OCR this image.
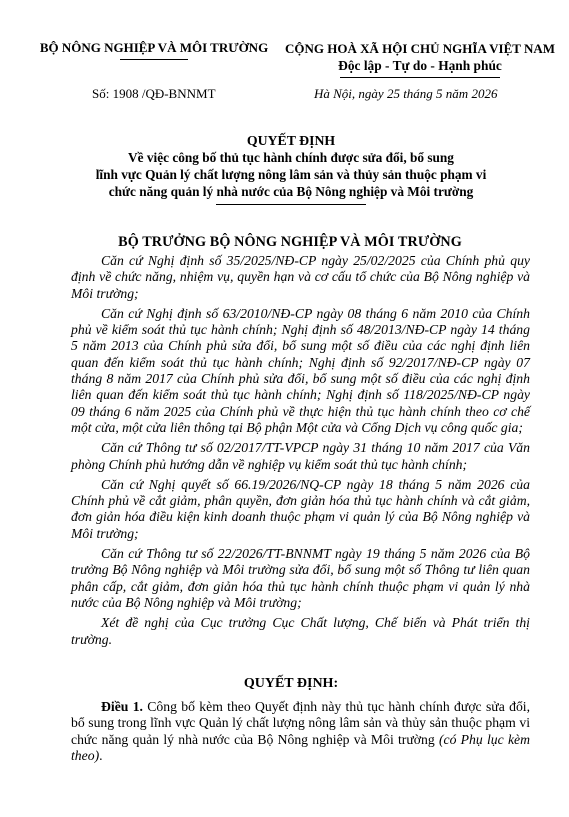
BỘ NÔNG NGHIỆP VÀ MÔI TRƯỜNG CỘNG HOÀ XÃ HỘI CHỦ NGHĨA VIỆT NAM
Độc lập - Tự do - Hạnh phúc
Số: 1908 /QĐ-BNNMT	Hà Nội, ngày 25 tháng 5 năm 2026
QUYẾT ĐỊNH
Về việc công bố thủ tục hành chính được sửa đổi, bổ sung
lĩnh vực Quản lý chất lượng nông lâm sản và thủy sản thuộc phạm vi
chức năng quản lý nhà nước của Bộ Nông nghiệp và Môi trường
BỘ TRƯỞNG BỘ NÔNG NGHIỆP VÀ MÔI TRƯỜNG

Căn cứ Nghị định số 35/2025/NĐ-CP ngày 25/02/2025 của Chính phủ quy định về chức năng, nhiệm vụ, quyền hạn và cơ cấu tổ chức của Bộ Nông nghiệp và Môi trường;

Căn cứ Nghị định số 63/2010/NĐ-CP ngày 08 tháng 6 năm 2010 của Chính phủ về kiểm soát thủ tục hành chính; Nghị định số 48/2013/NĐ-CP ngày 14 tháng 5 năm 2013 của Chính phủ sửa đổi, bổ sung một số điều của các nghị định liên quan đến kiểm soát thủ tục hành chính; Nghị định số 92/2017/NĐ-CP ngày 07 tháng 8 năm 2017 của Chính phủ sửa đổi, bổ sung một số điều của các nghị định liên quan đến kiểm soát thủ tục hành chính; Nghị định số 118/2025/NĐ-CP ngày 09 tháng 6 năm 2025 của Chính phủ về thực hiện thủ tục hành chính theo cơ chế một cửa, một cửa liên thông tại Bộ phận Một cửa và Cổng Dịch vụ công quốc gia;

Căn cứ Thông tư số 02/2017/TT-VPCP ngày 31 tháng 10 năm 2017 của Văn phòng Chính phủ hướng dẫn về nghiệp vụ kiểm soát thủ tục hành chính;

Căn cứ Nghị quyết số 66.19/2026/NQ-CP ngày 18 tháng 5 năm 2026 của Chính phủ về cắt giảm, phân quyền, đơn giản hóa thủ tục hành chính và cắt giảm, đơn giản hóa điều kiện kinh doanh thuộc phạm vi quản lý của Bộ Nông nghiệp và Môi trường;

Căn cứ Thông tư số 22/2026/TT-BNNMT ngày 19 tháng 5 năm 2026 của Bộ trưởng Bộ Nông nghiệp và Môi trường sửa đổi, bổ sung một số Thông tư liên quan phân cấp, cắt giảm, đơn giản hóa thủ tục hành chính thuộc phạm vi quản lý nhà nước của Bộ Nông nghiệp và Môi trường;

Xét đề nghị của Cục trưởng Cục Chất lượng, Chế biến và Phát triển thị trường.

QUYẾT ĐỊNH:
Điều 1. Công bố kèm theo Quyết định này thủ tục hành chính được sửa đổi, bổ sung trong lĩnh vực Quản lý chất lượng nông lâm sản và thủy sản thuộc phạm vi chức năng quản lý nhà nước của Bộ Nông nghiệp và Môi trường (có Phụ lục kèm theo).
